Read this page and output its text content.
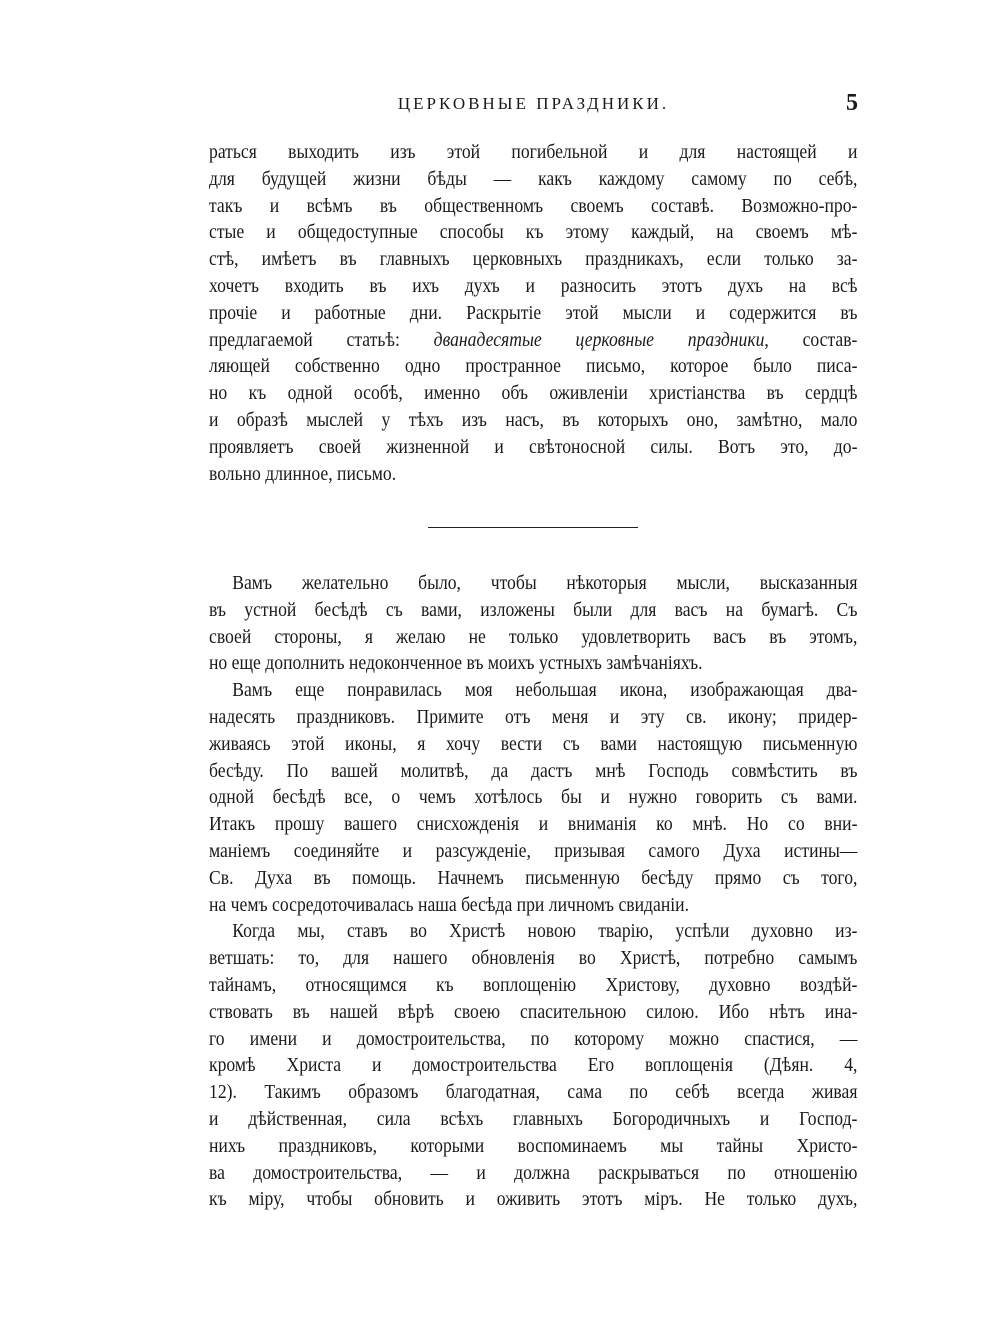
ЦЕРКОВНЫЕ ПРАЗДНИКИ.	5
раться выходить изъ этой погибельной и для настоящей и
для будущей жизни бѣды — какъ каждому самому по себѣ,
такъ и всѣмъ въ общественномъ своемъ составѣ. Возможно-про-
стые и общедоступные способы къ этому каждый, на своемъ мѣ-
стѣ, имѣетъ въ главныхъ церковныхъ праздникахъ, если только за-
хочетъ входить въ ихъ духъ и разносить этотъ духъ на всѣ
прочіе и работные дни. Раскрытіе этой мысли и содержится въ
предлагаемой статьѣ: дванадесятые церковные праздники, состав-
ляющей собственно одно пространное письмо, которое было писа-
но къ одной особѣ, именно объ оживленіи христіанства въ сердцѣ
и образѣ мыслей у тѣхъ изъ насъ, въ которыхъ оно, замѣтно, мало
проявляетъ своей жизненной и свѣтоносной силы. Вотъ это, до-
вольно длинное, письмо.
Вамъ желательно было, чтобы нѣкоторыя мысли, высказанныя
въ устной бесѣдѣ съ вами, изложены были для васъ на бумагѣ. Съ
своей стороны, я желаю не только удовлетворить васъ въ этомъ,
но еще дополнить недоконченное въ моихъ устныхъ замѣчаніяхъ.
Вамъ еще понравилась моя небольшая икона, изображающая два-
надесять праздниковъ. Примите отъ меня и эту св. икону; придер-
живаясь этой иконы, я хочу вести съ вами настоящую письменную
бесѣду. По вашей молитвѣ, да дастъ мнѣ Господь совмѣстить въ
одной бесѣдѣ все, о чемъ хотѣлось бы и нужно говорить съ вами.
Итакъ прошу вашего снисхожденія и вниманія ко мнѣ. Но со вни-
маніемъ соединяйте и разсужденіе, призывая самого Духа истины—
Св. Духа въ помощь. Начнемъ письменную бесѣду прямо съ того,
на чемъ сосредоточивалась наша бесѣда при личномъ свиданіи.
Когда мы, ставъ во Христѣ новою тварію, успѣли духовно из-
ветшать: то, для нашего обновленія во Христѣ, потребно самымъ
тайнамъ, относящимся къ воплощенію Христову, духовно воздѣй-
ствовать въ нашей вѣрѣ своею спасительною силою. Ибо нѣтъ ина-
го имени и домостроительства, по которому можно спастися, —
кромѣ Христа и домостроительства Его воплощенія (Дѣян. 4,
12). Такимъ образомъ благодатная, сама по себѣ всегда живая
и дѣйственная, сила всѣхъ главныхъ Богородичныхъ и Господ-
нихъ праздниковъ, которыми воспоминаемъ мы тайны Христо-
ва домостроительства, — и должна раскрываться по отношенію
къ міру, чтобы обновить и оживить этотъ міръ. Не только духъ,
